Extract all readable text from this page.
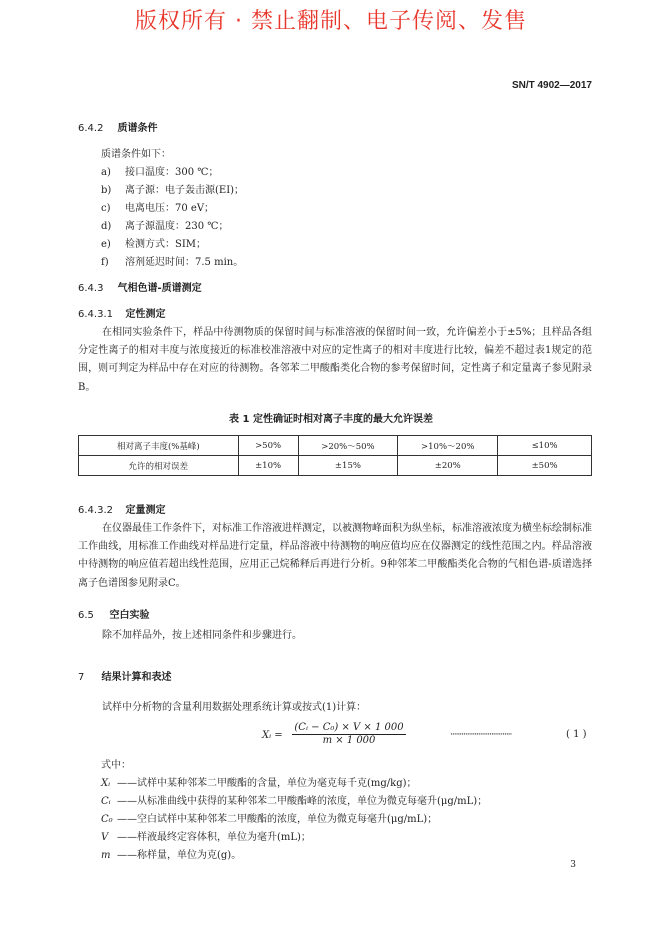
版权所有 · 禁止翻制、电子传阅、发售
SN/T 4902—2017
6.4.2 质谱条件
质谱条件如下：
a) 接口温度：300 ℃；
b) 离子源：电子轰击源(EI)；
c) 电离电压：70 eV；
d) 离子源温度：230 ℃；
e) 检测方式：SIM；
f) 溶剂延迟时间：7.5 min。
6.4.3 气相色谱-质谱测定
6.4.3.1 定性测定
在相同实验条件下，样品中待测物质的保留时间与标准溶液的保留时间一致，允许偏差小于±5%；且样品各组分定性离子的相对丰度与浓度接近的标准校准溶液中对应的定性离子的相对丰度进行比较，偏差不超过表1规定的范围，则可判定为样品中存在对应的待测物。各邻苯二甲酸酯类化合物的参考保留时间，定性离子和定量离子参见附录B。
表 1 定性确证时相对离子丰度的最大允许误差
相对离子丰度(%基峰)	>50%	>20%～50%	>10%～20%	≤10%
允许的相对误差	±10%	±15%	±20%	±50%
6.4.3.2 定量测定
在仪器最佳工作条件下，对标准工作溶液进样测定，以被测物峰面积为纵坐标，标准溶液浓度为横坐标绘制标准工作曲线，用标准工作曲线对样品进行定量，样品溶液中待测物的响应值均应在仪器测定的线性范围之内。样品溶液中待测物的响应值若超出线性范围，应用正己烷稀释后再进行分析。9种邻苯二甲酸酯类化合物的气相色谱-质谱选择离子色谱图参见附录C。
6.5 空白实验
除不加样品外，按上述相同条件和步骤进行。
7 结果计算和表述
试样中分析物的含量利用数据处理系统计算或按式(1)计算：
Xᵢ = $\frac{\text{(Cᵢ − C₀) × V × 1 000}}{m \times 1 000}$	·································	( 1 )
式中：
Xᵢ ——试样中某种邻苯二甲酸酯的含量，单位为毫克每千克(mg/kg)；
Cᵢ ——从标准曲线中获得的某种邻苯二甲酸酯峰的浓度，单位为微克每毫升(μg/mL)；
C₀ ——空白试样中某种邻苯二甲酸酯的浓度，单位为微克每毫升(μg/mL)；
V ——样液最终定容体积，单位为毫升(mL)；
m ——称样量，单位为克(g)。
3
